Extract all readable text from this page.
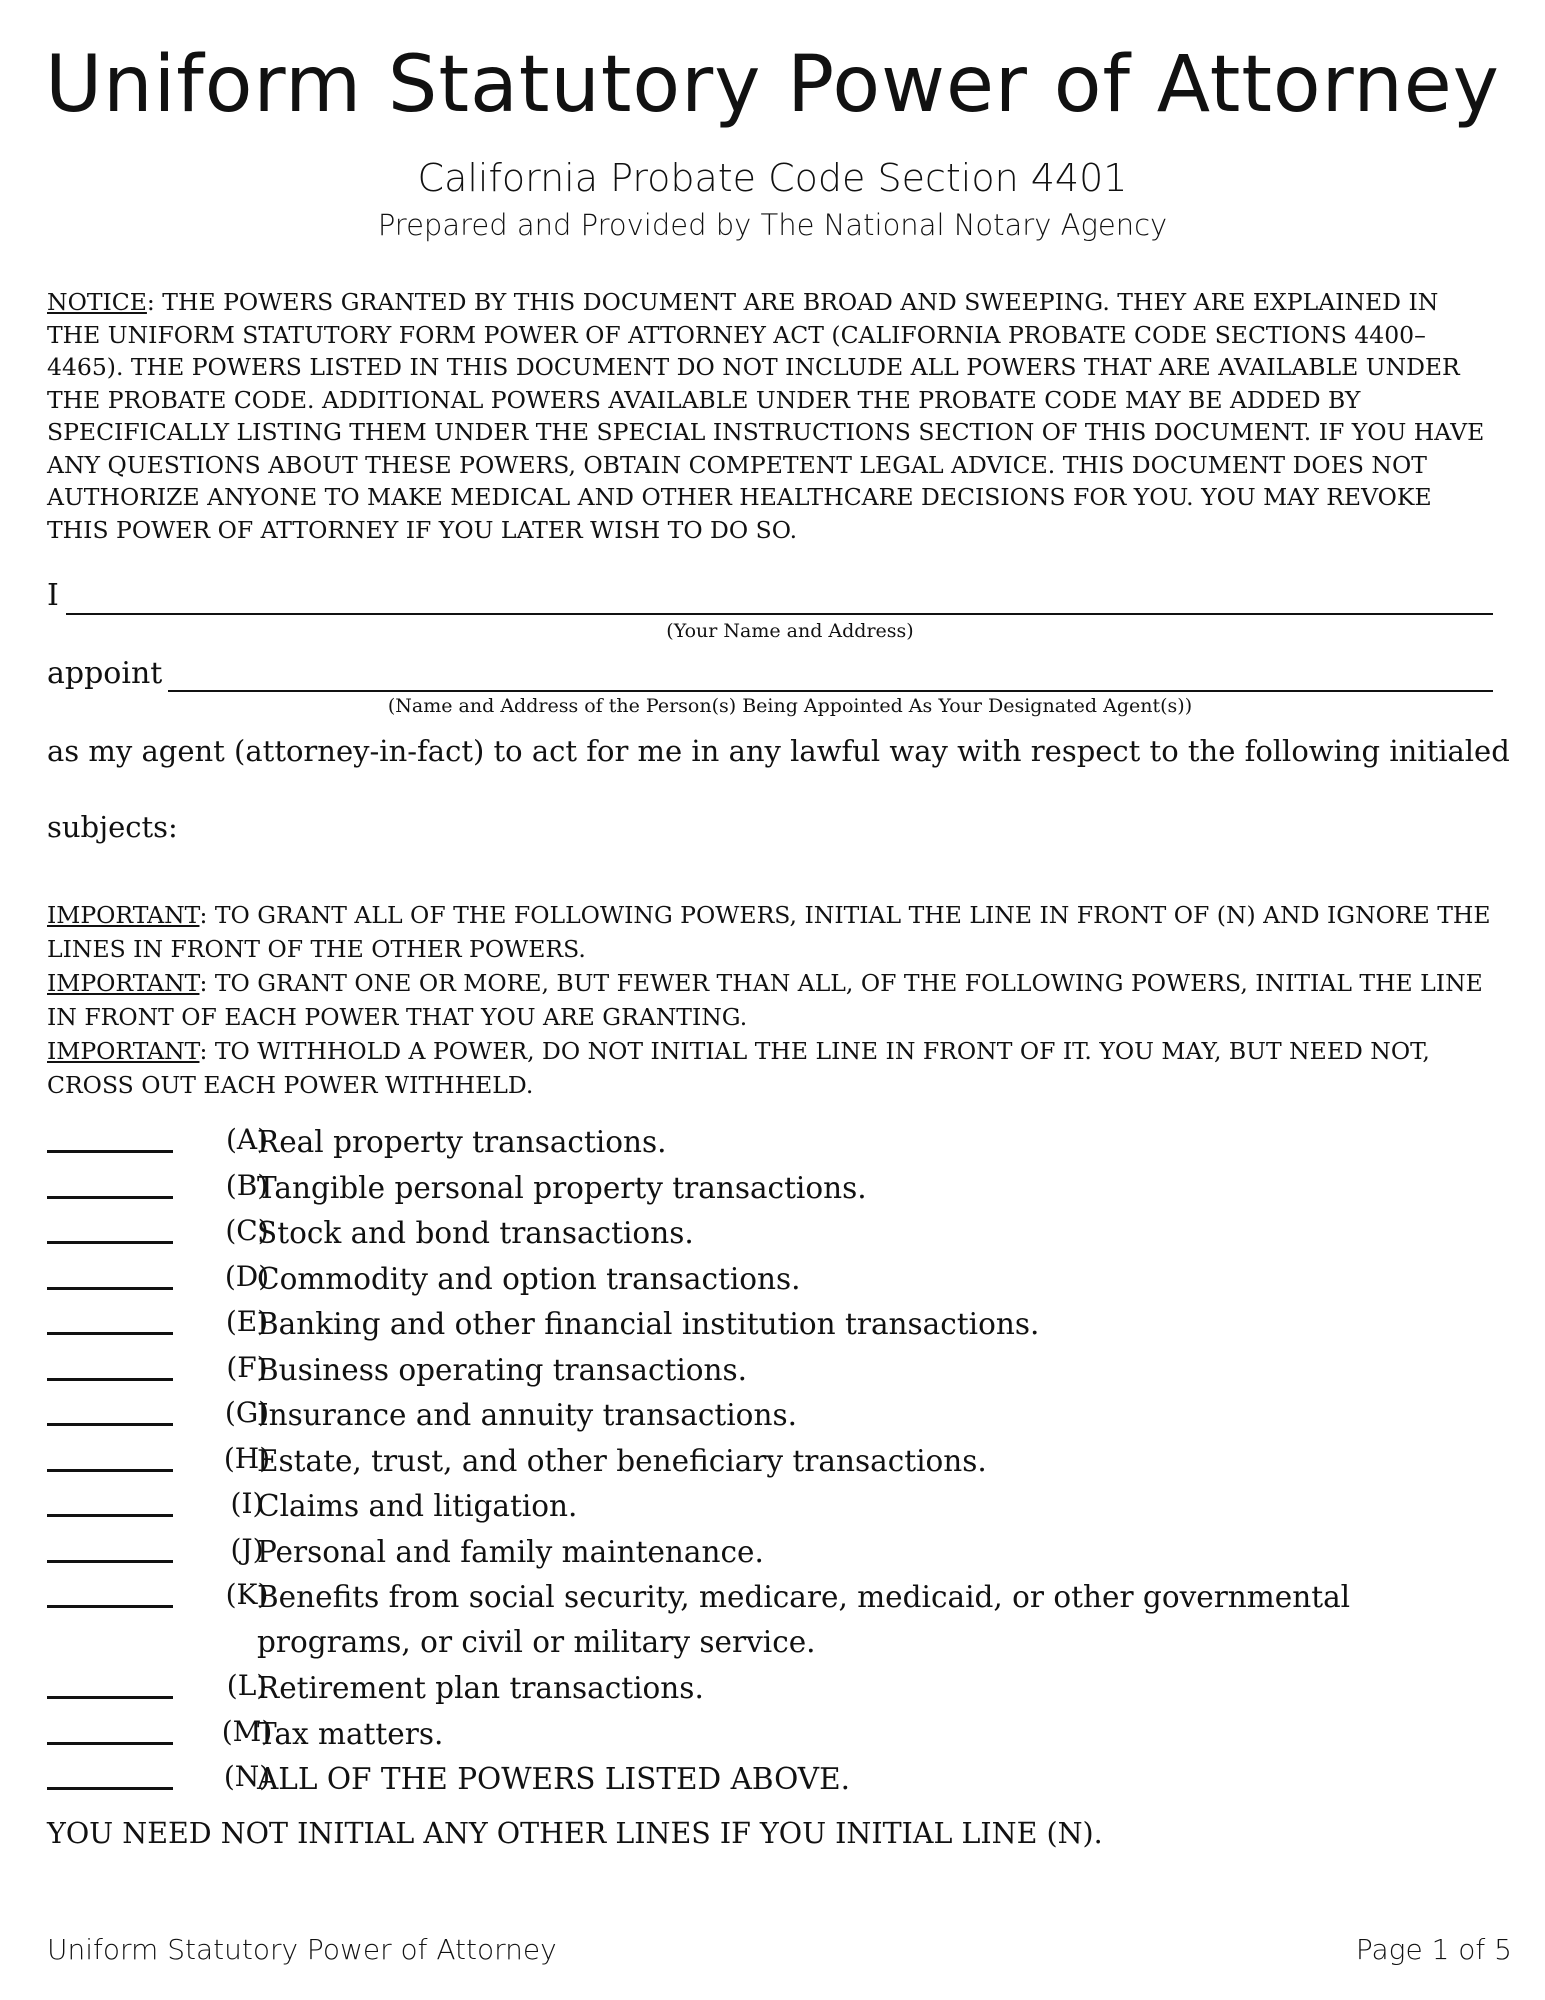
Uniform Statutory Power of Attorney
California Probate Code Section 4401
Prepared and Provided by The National Notary Agency
NOTICE: THE POWERS GRANTED BY THIS DOCUMENT ARE BROAD AND SWEEPING. THEY ARE EXPLAINED IN THE UNIFORM STATUTORY FORM POWER OF ATTORNEY ACT (CALIFORNIA PROBATE CODE SECTIONS 4400–4465). THE POWERS LISTED IN THIS DOCUMENT DO NOT INCLUDE ALL POWERS THAT ARE AVAILABLE UNDER THE PROBATE CODE. ADDITIONAL POWERS AVAILABLE UNDER THE PROBATE CODE MAY BE ADDED BY SPECIFICALLY LISTING THEM UNDER THE SPECIAL INSTRUCTIONS SECTION OF THIS DOCUMENT. IF YOU HAVE ANY QUESTIONS ABOUT THESE POWERS, OBTAIN COMPETENT LEGAL ADVICE. THIS DOCUMENT DOES NOT AUTHORIZE ANYONE TO MAKE MEDICAL AND OTHER HEALTHCARE DECISIONS FOR YOU. YOU MAY REVOKE THIS POWER OF ATTORNEY IF YOU LATER WISH TO DO SO.
I
(Your Name and Address)
appoint
(Name and Address of the Person(s) Being Appointed As Your Designated Agent(s))
as my agent (attorney-in-fact) to act for me in any lawful way with respect to the following initialed
subjects:
IMPORTANT: TO GRANT ALL OF THE FOLLOWING POWERS, INITIAL THE LINE IN FRONT OF (N) AND IGNORE THE LINES IN FRONT OF THE OTHER POWERS.
IMPORTANT: TO GRANT ONE OR MORE, BUT FEWER THAN ALL, OF THE FOLLOWING POWERS, INITIAL THE LINE IN FRONT OF EACH POWER THAT YOU ARE GRANTING.
IMPORTANT: TO WITHHOLD A POWER, DO NOT INITIAL THE LINE IN FRONT OF IT. YOU MAY, BUT NEED NOT, CROSS OUT EACH POWER WITHHELD.
(A)
Real property transactions.
(B)
Tangible personal property transactions.
(C)
Stock and bond transactions.
(D)
Commodity and option transactions.
(E)
Banking and other financial institution transactions.
(F)
Business operating transactions.
(G)
Insurance and annuity transactions.
(H)
Estate, trust, and other beneficiary transactions.
(I)
Claims and litigation.
(J)
Personal and family maintenance.
(K)
Benefits from social security, medicare, medicaid, or other governmental programs, or civil or military service.
(L)
Retirement plan transactions.
(M)
Tax matters.
(N)
ALL OF THE POWERS LISTED ABOVE.
YOU NEED NOT INITIAL ANY OTHER LINES IF YOU INITIAL LINE (N).
Uniform Statutory Power of Attorney	Page 1 of 5
